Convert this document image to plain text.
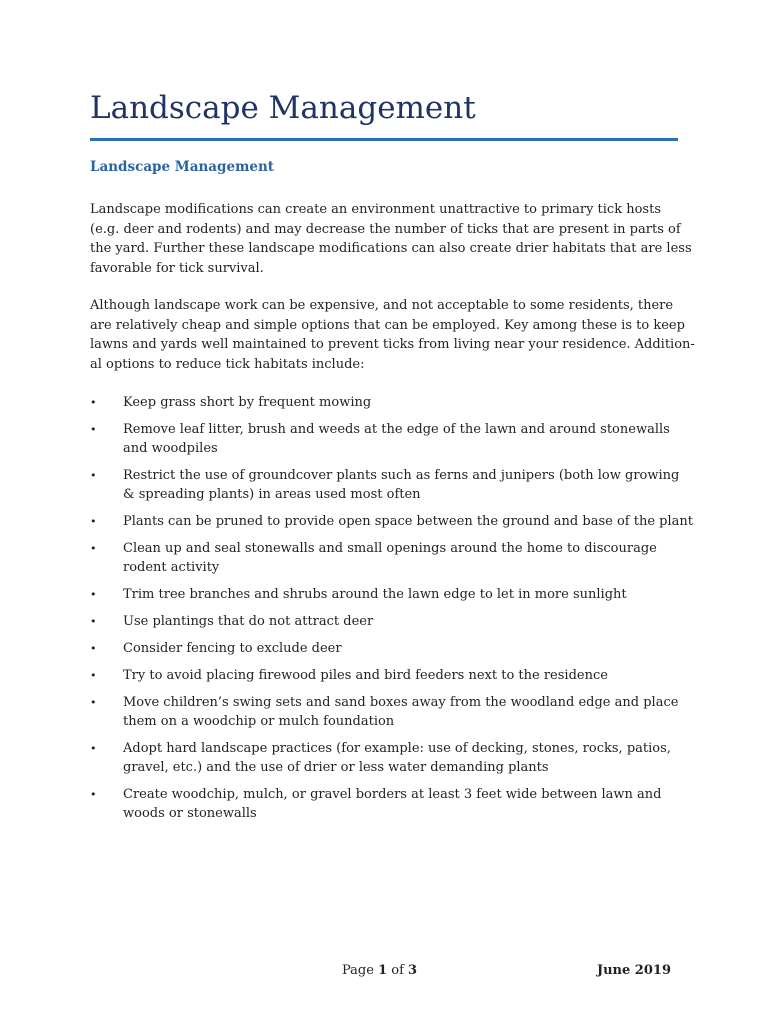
Landscape Management
Landscape Management

Landscape modifications can create an environment unattractive to primary tick hosts
(e.g. deer and rodents) and may decrease the number of ticks that are present in parts of
the yard. Further these landscape modifications can also create drier habitats that are less
favorable for tick survival.

Although landscape work can be expensive, and not acceptable to some residents, there
are relatively cheap and simple options that can be employed. Key among these is to keep
lawns and yards well maintained to prevent ticks from living near your residence. Addition-
al options to reduce tick habitats include:

• Keep grass short by frequent mowing
• Remove leaf litter, brush and weeds at the edge of the lawn and around stonewalls
and woodpiles
• Restrict the use of groundcover plants such as ferns and junipers (both low growing
& spreading plants) in areas used most often
• Plants can be pruned to provide open space between the ground and base of the plant
• Clean up and seal stonewalls and small openings around the home to discourage
rodent activity
• Trim tree branches and shrubs around the lawn edge to let in more sunlight
• Use plantings that do not attract deer
• Consider fencing to exclude deer
• Try to avoid placing firewood piles and bird feeders next to the residence
• Move children’s swing sets and sand boxes away from the woodland edge and place
them on a woodchip or mulch foundation
• Adopt hard landscape practices (for example: use of decking, stones, rocks, patios,
gravel, etc.) and the use of drier or less water demanding plants
• Create woodchip, mulch, or gravel borders at least 3 feet wide between lawn and
woods or stonewalls
Page 1 of 3	June 2019
